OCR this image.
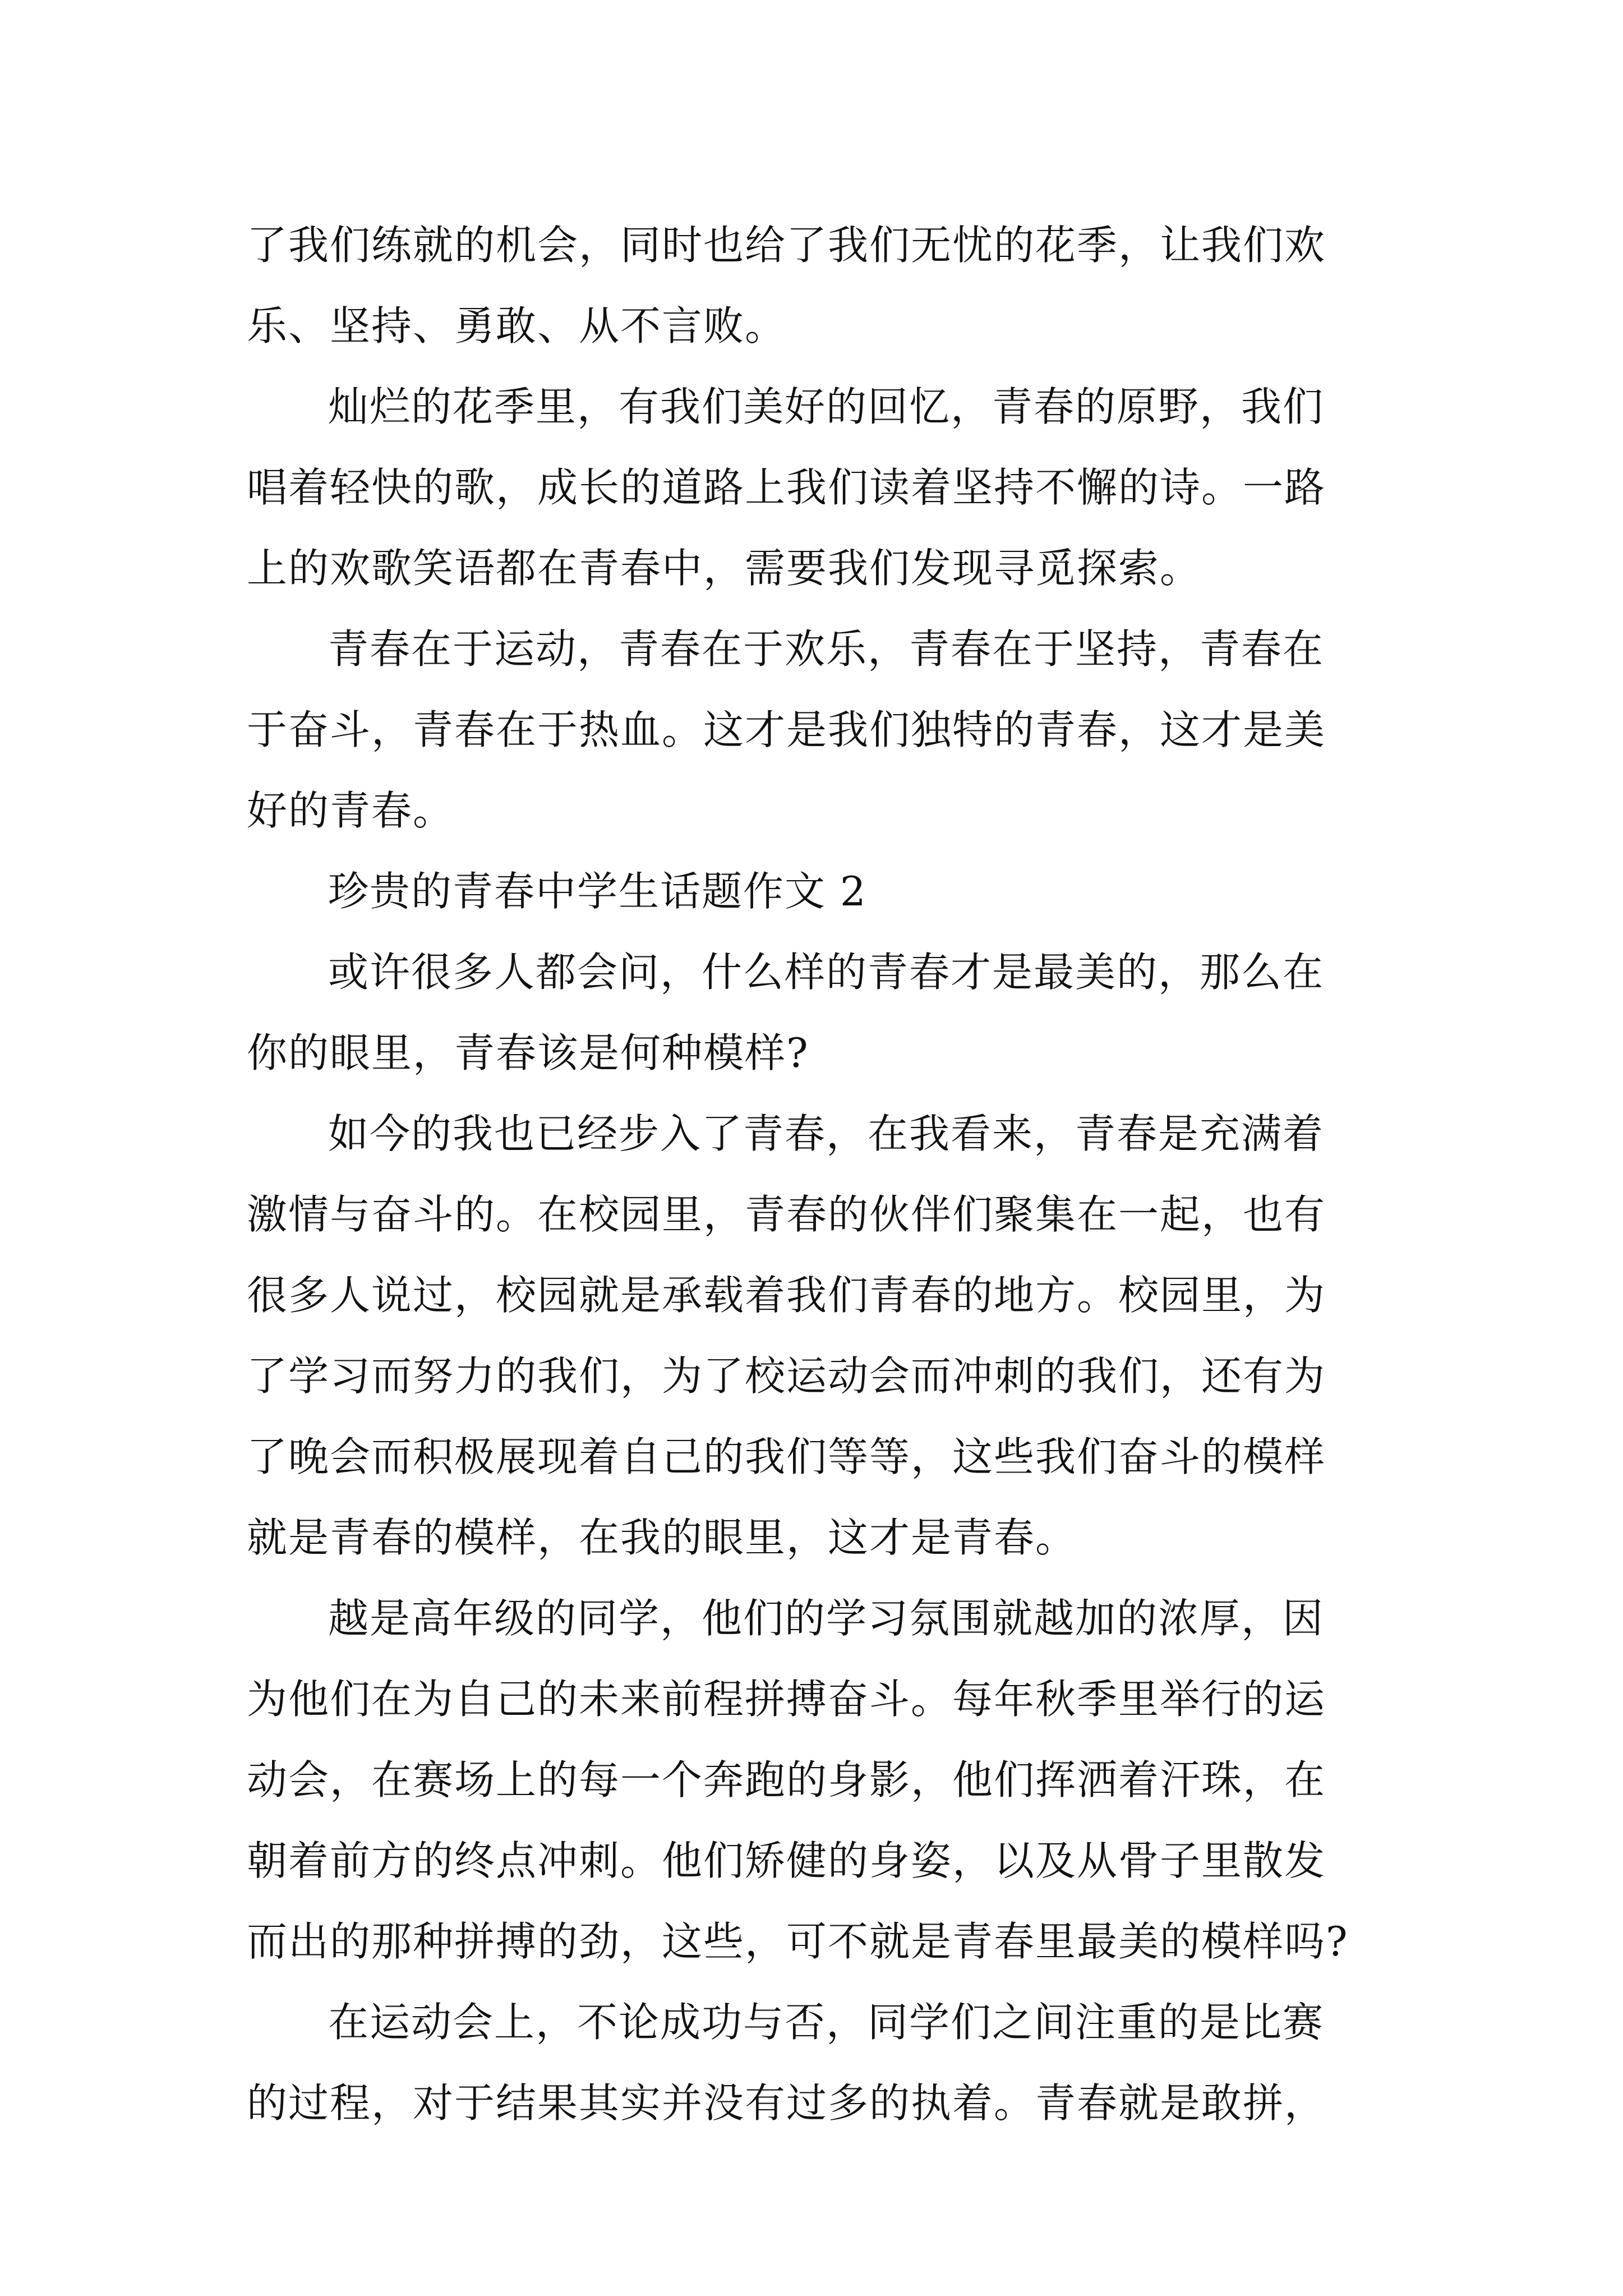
了我们练就的机会，同时也给了我们无忧的花季，让我们欢
乐、坚持、勇敢、从不言败。
灿烂的花季里，有我们美好的回忆，青春的原野，我们
唱着轻快的歌，成长的道路上我们读着坚持不懈的诗。一路
上的欢歌笑语都在青春中，需要我们发现寻觅探索。
青春在于运动，青春在于欢乐，青春在于坚持，青春在
于奋斗，青春在于热血。这才是我们独特的青春，这才是美
好的青春。
珍贵的青春中学生话题作文 2
或许很多人都会问，什么样的青春才是最美的，那么在
你的眼里，青春该是何种模样?
如今的我也已经步入了青春，在我看来，青春是充满着
激情与奋斗的。在校园里，青春的伙伴们聚集在一起，也有
很多人说过，校园就是承载着我们青春的地方。校园里，为
了学习而努力的我们，为了校运动会而冲刺的我们，还有为
了晚会而积极展现着自己的我们等等，这些我们奋斗的模样
就是青春的模样，在我的眼里，这才是青春。
越是高年级的同学，他们的学习氛围就越加的浓厚，因
为他们在为自己的未来前程拼搏奋斗。每年秋季里举行的运
动会，在赛场上的每一个奔跑的身影，他们挥洒着汗珠，在
朝着前方的终点冲刺。他们矫健的身姿，以及从骨子里散发
而出的那种拼搏的劲，这些，可不就是青春里最美的模样吗?
在运动会上，不论成功与否，同学们之间注重的是比赛
的过程，对于结果其实并没有过多的执着。青春就是敢拼，
